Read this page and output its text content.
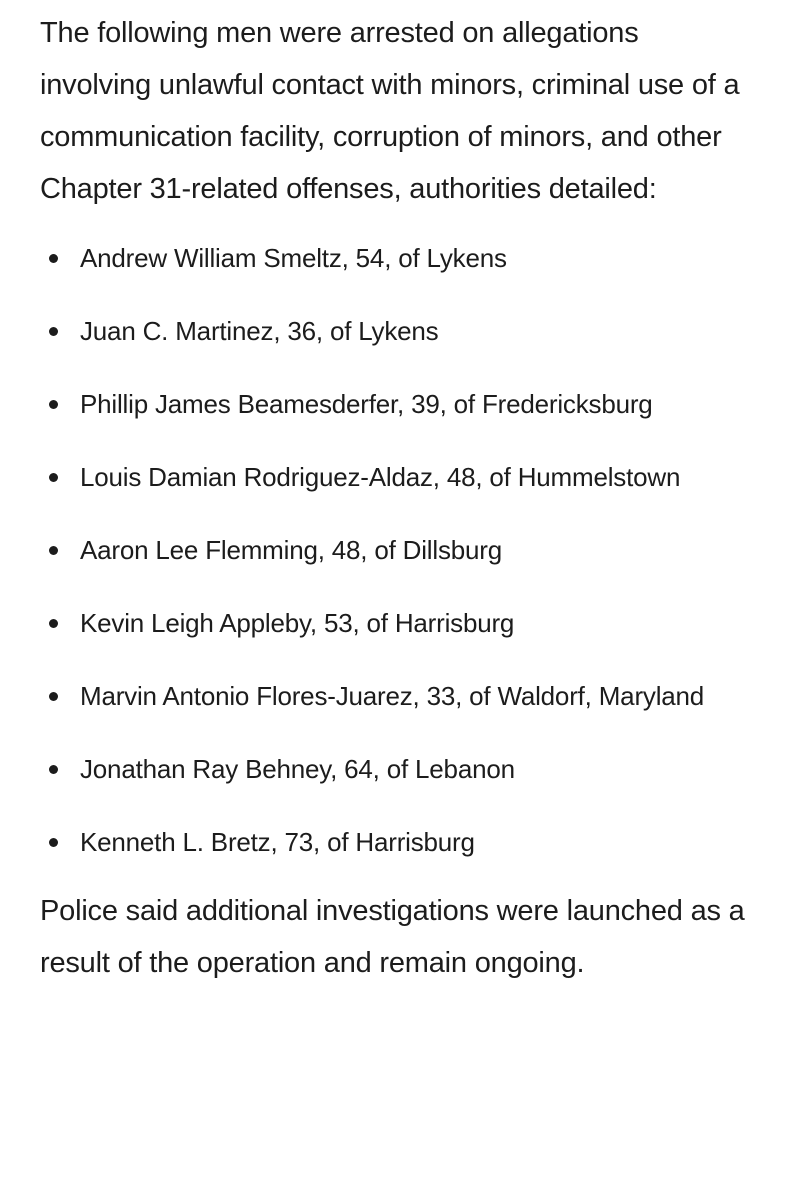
The following men were arrested on allegations involving unlawful contact with minors, criminal use of a communication facility, corruption of minors, and other Chapter 31-related offenses, authorities detailed:

Andrew William Smeltz, 54, of Lykens
Juan C. Martinez, 36, of Lykens
Phillip James Beamesderfer, 39, of Fredericksburg
Louis Damian Rodriguez-Aldaz, 48, of Hummelstown
Aaron Lee Flemming, 48, of Dillsburg
Kevin Leigh Appleby, 53, of Harrisburg
Marvin Antonio Flores-Juarez, 33, of Waldorf, Maryland
Jonathan Ray Behney, 64, of Lebanon
Kenneth L. Bretz, 73, of Harrisburg

Police said additional investigations were launched as a result of the operation and remain ongoing.
